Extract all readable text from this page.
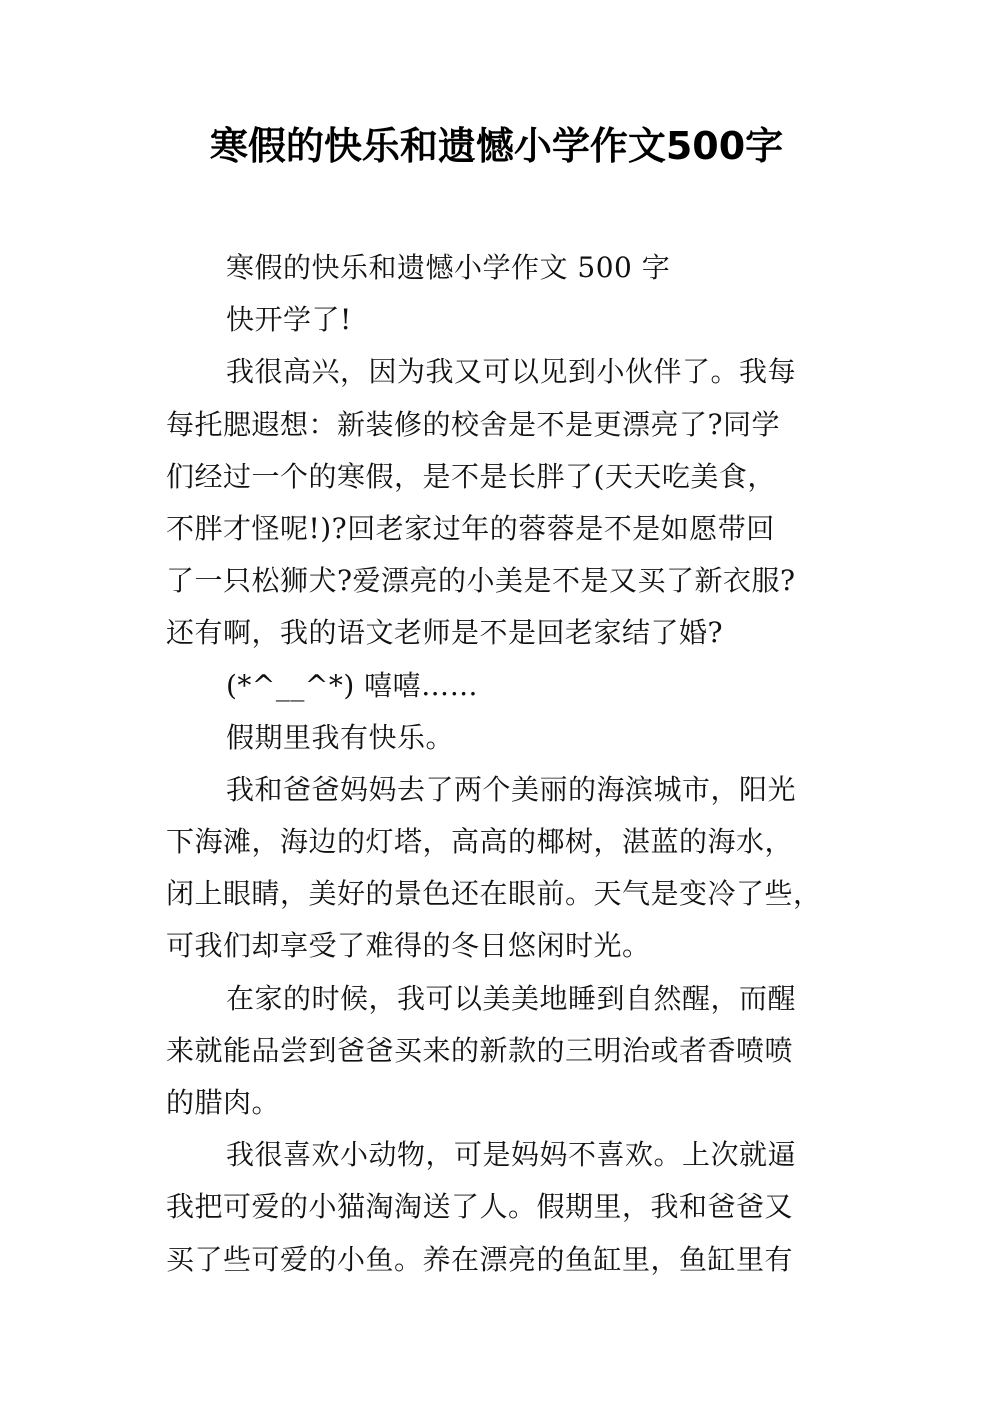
寒假的快乐和遗憾小学作文500字
寒假的快乐和遗憾小学作文 500 字
快开学了!
我很高兴，因为我又可以见到小伙伴了。我每
每托腮遐想：新装修的校舍是不是更漂亮了?同学
们经过一个的寒假，是不是长胖了(天天吃美食，
不胖才怪呢!)?回老家过年的蓉蓉是不是如愿带回
了一只松狮犬?爱漂亮的小美是不是又买了新衣服?
还有啊，我的语文老师是不是回老家结了婚?
(*^__^*) 嘻嘻……
假期里我有快乐。
我和爸爸妈妈去了两个美丽的海滨城市，阳光
下海滩，海边的灯塔，高高的椰树，湛蓝的海水，
闭上眼睛，美好的景色还在眼前。天气是变冷了些，
可我们却享受了难得的冬日悠闲时光。
在家的时候，我可以美美地睡到自然醒，而醒
来就能品尝到爸爸买来的新款的三明治或者香喷喷
的腊肉。
我很喜欢小动物，可是妈妈不喜欢。上次就逼
我把可爱的小猫淘淘送了人。假期里，我和爸爸又
买了些可爱的小鱼。养在漂亮的鱼缸里，鱼缸里有
